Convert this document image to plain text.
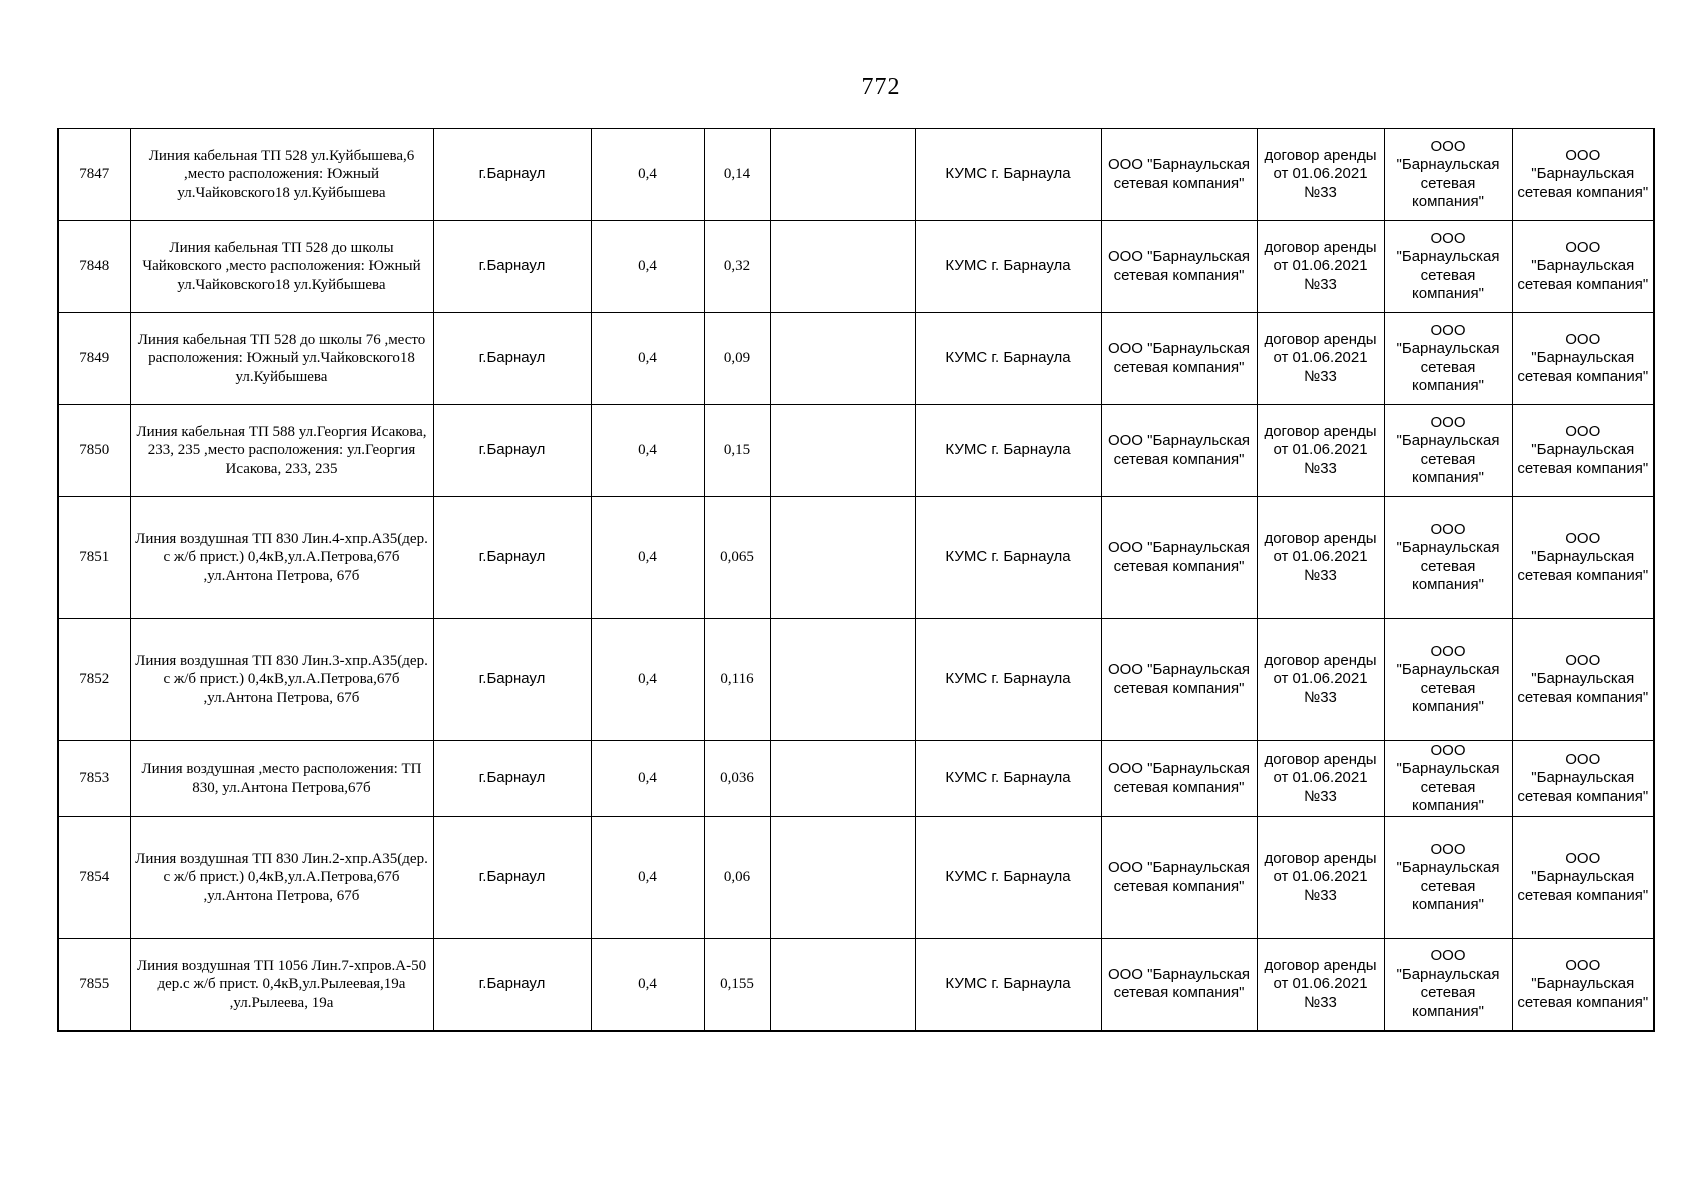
772
7847	Линия кабельная ТП 528 ул.Куйбышева,6 ,место расположения: Южный ул.Чайковского18 ул.Куйбышева	г.Барнаул	0,4	0,14		КУМС г. Барнаула	ООО "Барнаульская сетевая компания"	договор аренды от 01.06.2021 №33	ООО "Барнаульская сетевая компания"	ООО "Барнаульская сетевая компания"
7848	Линия кабельная ТП 528 до школы Чайковского ,место расположения: Южный ул.Чайковского18 ул.Куйбышева	г.Барнаул	0,4	0,32		КУМС г. Барнаула	ООО "Барнаульская сетевая компания"	договор аренды от 01.06.2021 №33	ООО "Барнаульская сетевая компания"	ООО "Барнаульская сетевая компания"
7849	Линия кабельная ТП 528 до школы 76 ,место расположения: Южный ул.Чайковского18 ул.Куйбышева	г.Барнаул	0,4	0,09		КУМС г. Барнаула	ООО "Барнаульская сетевая компания"	договор аренды от 01.06.2021 №33	ООО "Барнаульская сетевая компания"	ООО "Барнаульская сетевая компания"
7850	Линия кабельная ТП 588 ул.Георгия Исакова, 233, 235 ,место расположения: ул.Георгия Исакова, 233, 235	г.Барнаул	0,4	0,15		КУМС г. Барнаула	ООО "Барнаульская сетевая компания"	договор аренды от 01.06.2021 №33	ООО "Барнаульская сетевая компания"	ООО "Барнаульская сетевая компания"
7851	Линия воздушная ТП 830 Лин.4-хпр.А35(дер. с ж/б прист.) 0,4кВ,ул.А.Петрова,67б ,ул.Антона Петрова, 67б	г.Барнаул	0,4	0,065		КУМС г. Барнаула	ООО "Барнаульская сетевая компания"	договор аренды от 01.06.2021 №33	ООО "Барнаульская сетевая компания"	ООО "Барнаульская сетевая компания"
7852	Линия воздушная ТП 830 Лин.3-хпр.А35(дер. с ж/б прист.) 0,4кВ,ул.А.Петрова,67б ,ул.Антона Петрова, 67б	г.Барнаул	0,4	0,116		КУМС г. Барнаула	ООО "Барнаульская сетевая компания"	договор аренды от 01.06.2021 №33	ООО "Барнаульская сетевая компания"	ООО "Барнаульская сетевая компания"
7853	Линия воздушная ,место расположения: ТП 830, ул.Антона Петрова,67б	г.Барнаул	0,4	0,036		КУМС г. Барнаула	ООО "Барнаульская сетевая компания"	договор аренды от 01.06.2021 №33	ООО "Барнаульская сетевая компания"	ООО "Барнаульская сетевая компания"
7854	Линия воздушная ТП 830 Лин.2-хпр.А35(дер. с ж/б прист.) 0,4кВ,ул.А.Петрова,67б ,ул.Антона Петрова, 67б	г.Барнаул	0,4	0,06		КУМС г. Барнаула	ООО "Барнаульская сетевая компания"	договор аренды от 01.06.2021 №33	ООО "Барнаульская сетевая компания"	ООО "Барнаульская сетевая компания"
7855	Линия воздушная ТП 1056 Лин.7-хпров.А-50 дер.с ж/б прист. 0,4кВ,ул.Рылеевая,19а ,ул.Рылеева, 19а	г.Барнаул	0,4	0,155		КУМС г. Барнаула	ООО "Барнаульская сетевая компания"	договор аренды от 01.06.2021 №33	ООО "Барнаульская сетевая компания"	ООО "Барнаульская сетевая компания"
